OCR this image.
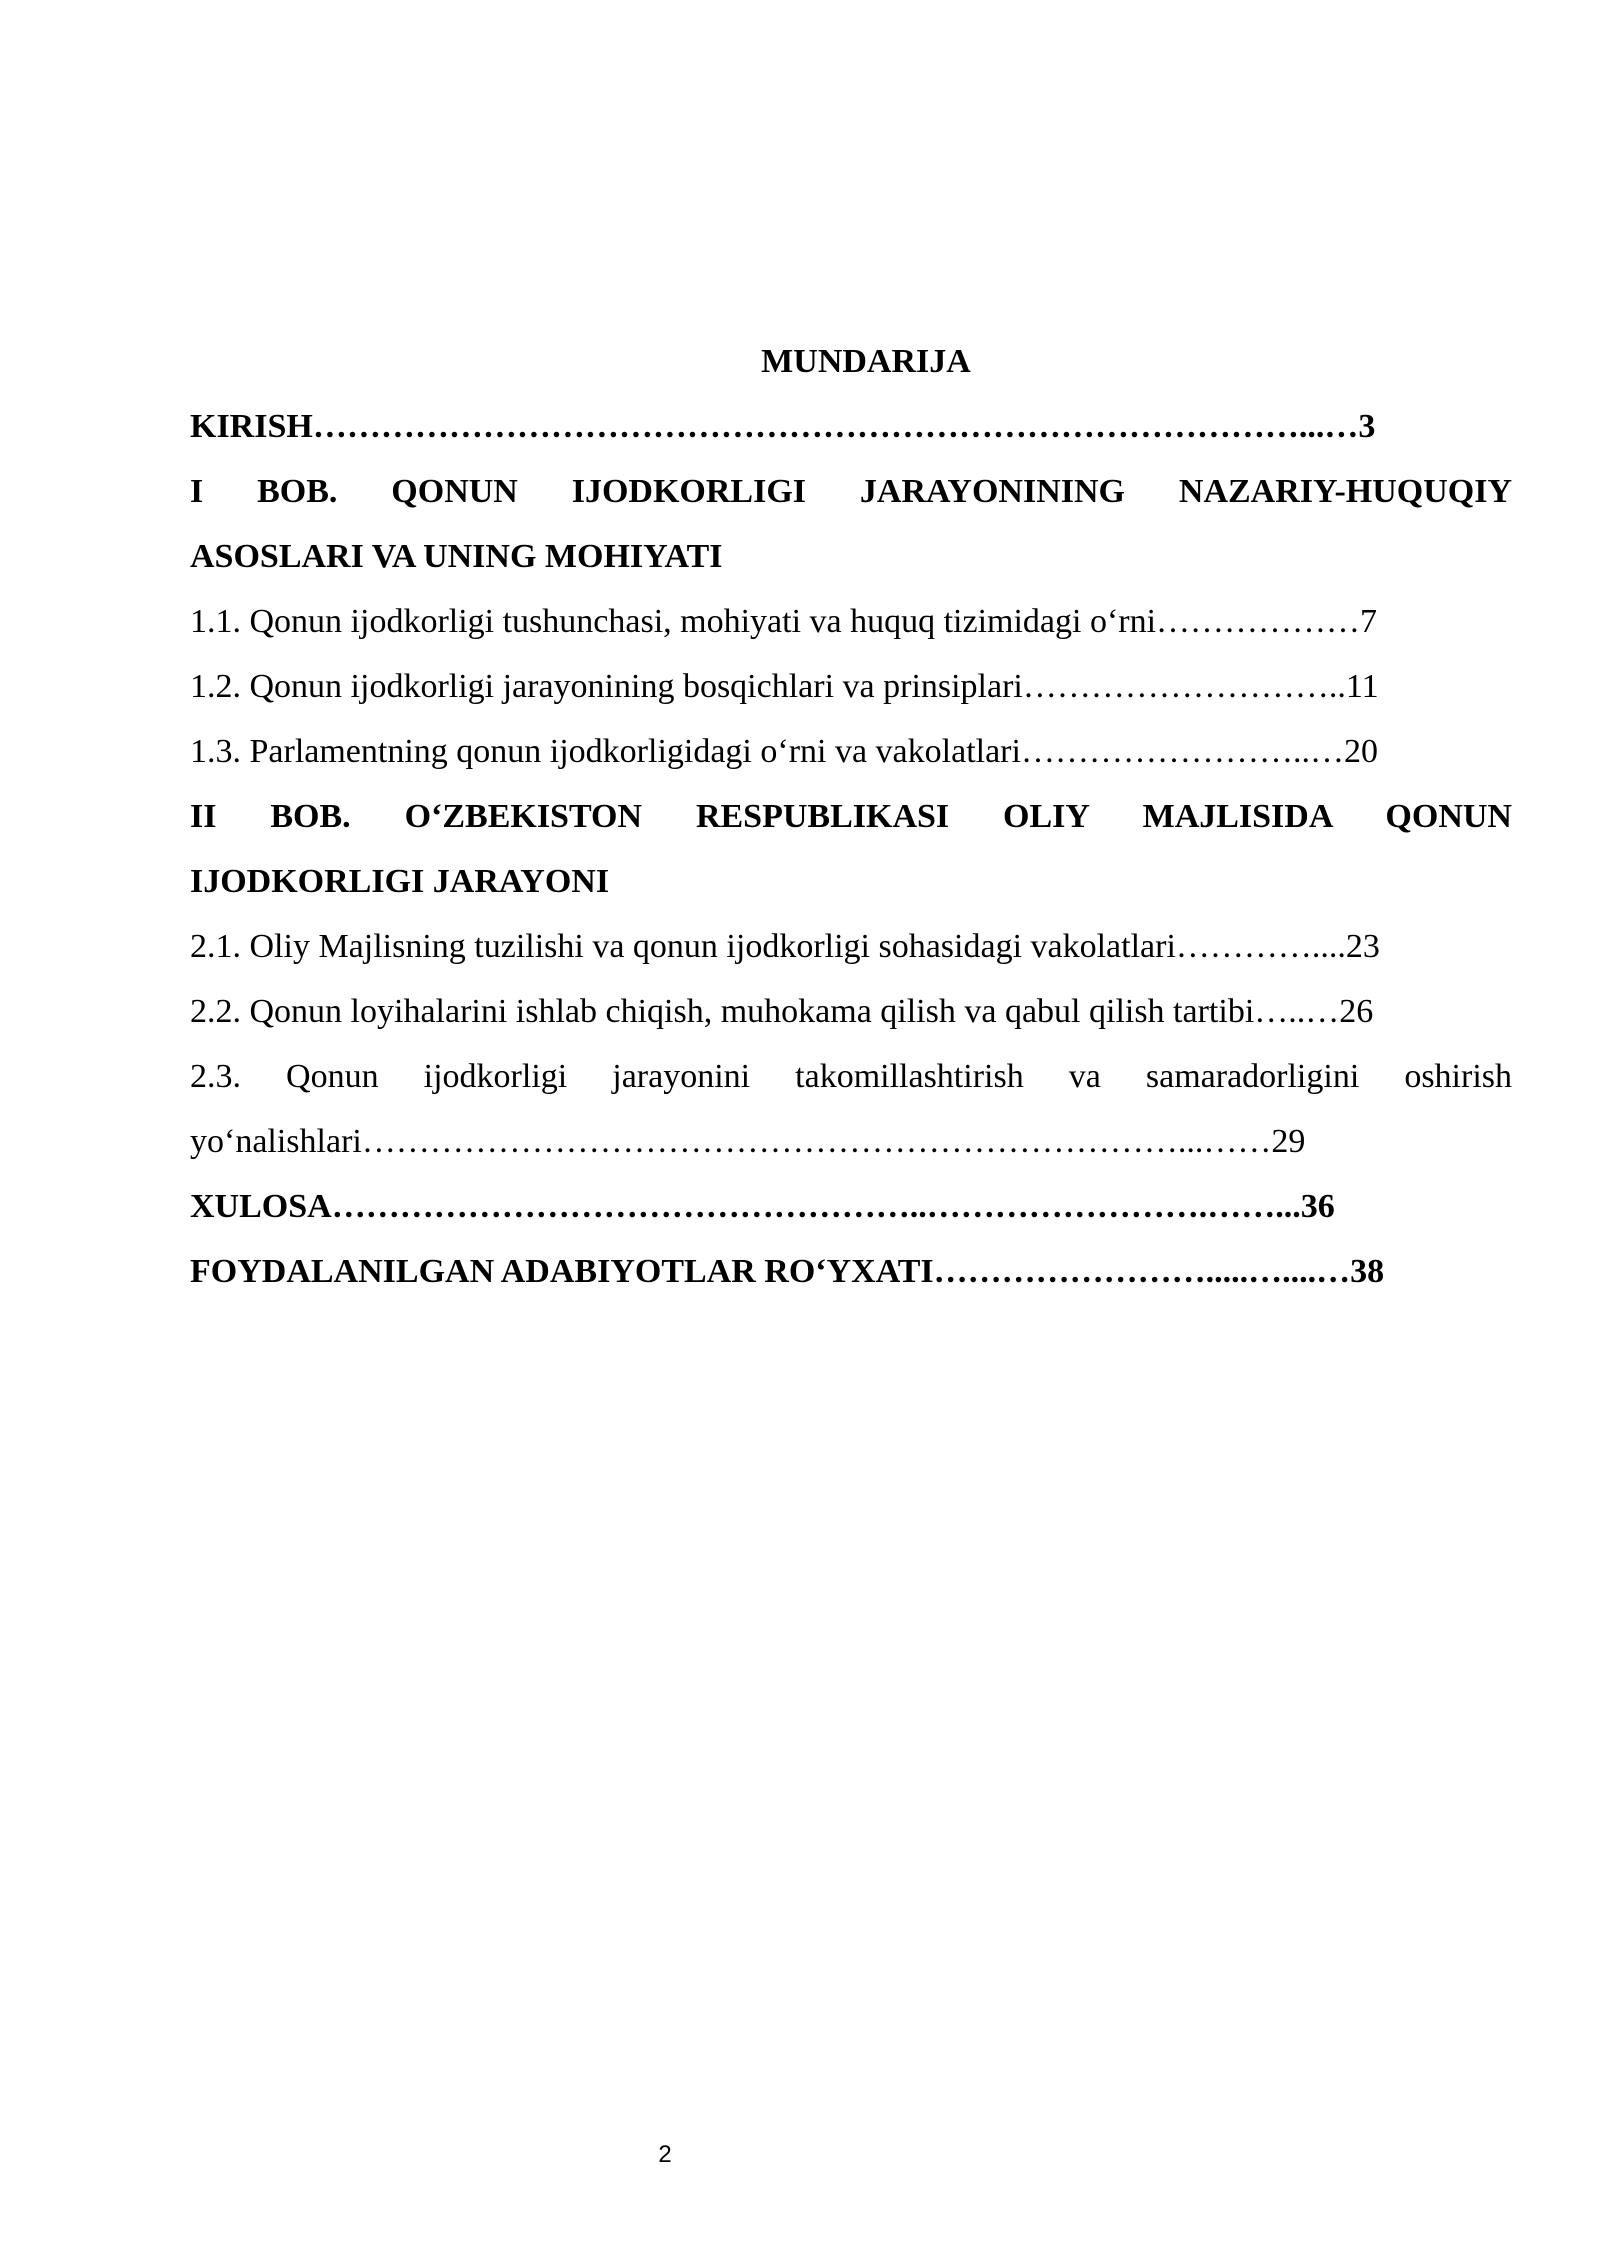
MUNDARIJA
KIRISH……………………………………………………………………………...…3
I BOB. QONUN IJODKORLIGI JARAYONINING NAZARIY-HUQUQIY
ASOSLARI VA UNING MOHIYATI
1.1. Qonun ijodkorligi tushunchasi, mohiyati va huquq tizimidagi o‘rni………………7
1.2. Qonun ijodkorligi jarayonining bosqichlari va prinsiplari………………………..11
1.3. Parlamentning qonun ijodkorligidagi o‘rni va vakolatlari……………………..…20
II BOB. O‘ZBEKISTON RESPUBLIKASI OLIY MAJLISIDA QONUN
IJODKORLIGI JARAYONI
2.1. Oliy Majlisning tuzilishi va qonun ijodkorligi sohasidagi vakolatlari…………....23
2.2. Qonun loyihalarini ishlab chiqish, muhokama qilish va qabul qilish tartibi…..…26
2.3. Qonun ijodkorligi jarayonini takomillashtirish va samaradorligini oshirish
yo‘nalishlari………………………………………………………………...……29
XULOSA……………………………………………..…………………….……...36
FOYDALANILGAN ADABIYOTLAR RO‘YXATI…………………….....…....…38
2
